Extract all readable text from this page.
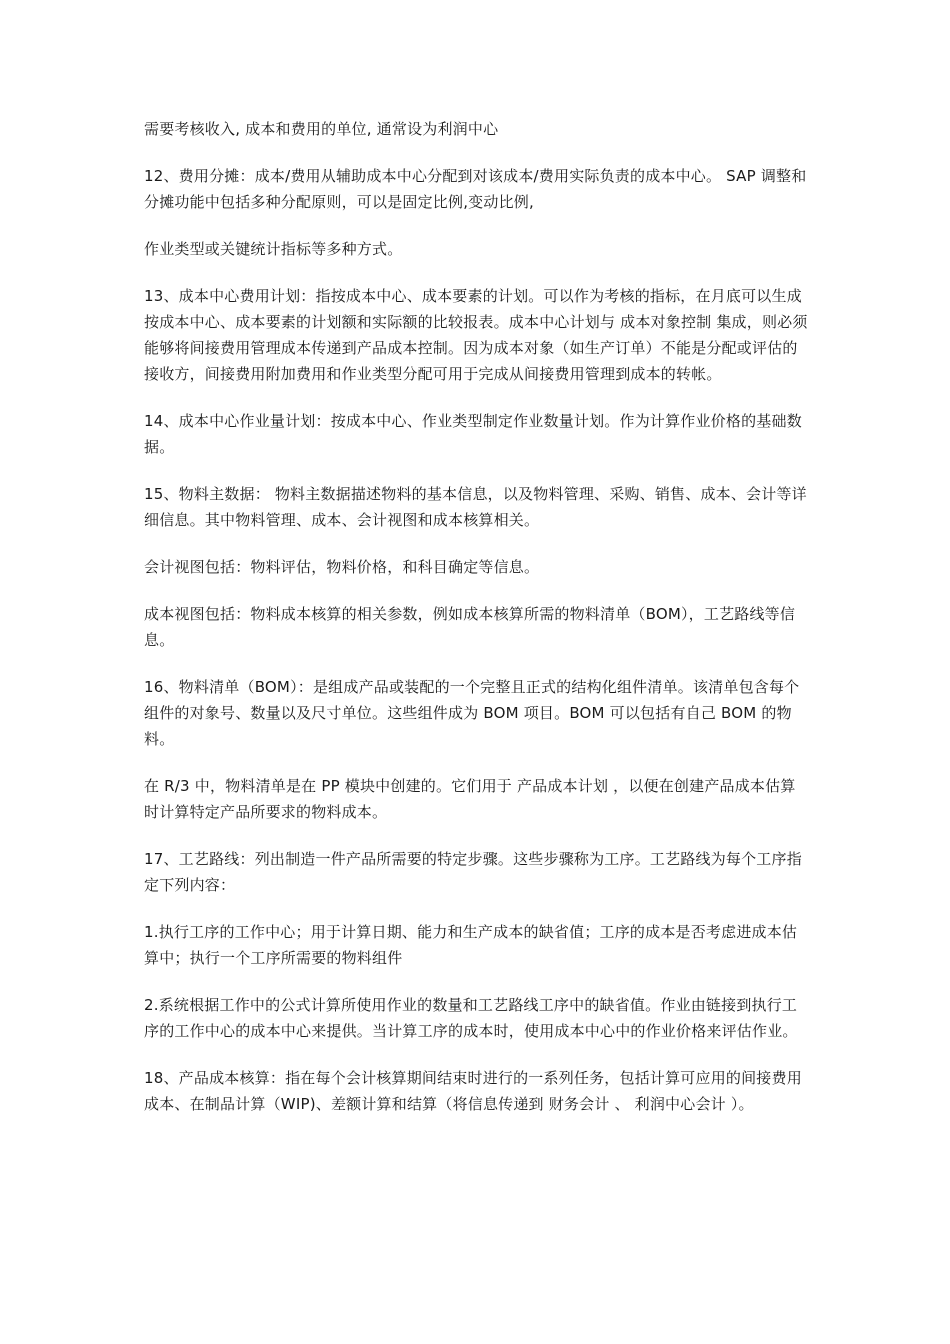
需要考核收入, 成本和费用的单位, 通常设为利润中心

12、费用分摊：成本/费用从辅助成本中心分配到对该成本/费用实际负责的成本中心。 SAP 调整和分摊功能中包括多种分配原则，可以是固定比例,变动比例,

作业类型或关键统计指标等多种方式。

13、成本中心费用计划：指按成本中心、成本要素的计划。可以作为考核的指标，在月底可以生成按成本中心、成本要素的计划额和实际额的比较报表。成本中心计划与 成本对象控制 集成，则必须能够将间接费用管理成本传递到产品成本控制。因为成本对象（如生产订单）不能是分配或评估的接收方，间接费用附加费用和作业类型分配可用于完成从间接费用管理到成本的转帐。

14、成本中心作业量计划：按成本中心、作业类型制定作业数量计划。作为计算作业价格的基础数据。

15、物料主数据： 物料主数据描述物料的基本信息，以及物料管理、采购、销售、成本、会计等详细信息。其中物料管理、成本、会计视图和成本核算相关。

会计视图包括：物料评估，物料价格，和科目确定等信息。

成本视图包括：物料成本核算的相关参数，例如成本核算所需的物料清单（BOM），工艺路线等信息。

16、物料清单（BOM）：是组成产品或装配的一个完整且正式的结构化组件清单。该清单包含每个组件的对象号、数量以及尺寸单位。这些组件成为 BOM 项目。BOM 可以包括有自己 BOM 的物料。

在 R/3 中，物料清单是在 PP 模块中创建的。它们用于 产品成本计划 ，以便在创建产品成本估算时计算特定产品所要求的物料成本。

17、工艺路线：列出制造一件产品所需要的特定步骤。这些步骤称为工序。工艺路线为每个工序指定下列内容：

1.执行工序的工作中心；用于计算日期、能力和生产成本的缺省值；工序的成本是否考虑进成本估算中；执行一个工序所需要的物料组件

2.系统根据工作中的公式计算所使用作业的数量和工艺路线工序中的缺省值。作业由链接到执行工序的工作中心的成本中心来提供。当计算工序的成本时，使用成本中心中的作业价格来评估作业。

18、产品成本核算：指在每个会计核算期间结束时进行的一系列任务，包括计算可应用的间接费用成本、在制品计算（WIP)、差额计算和结算（将信息传递到 财务会计 、 利润中心会计 ）。
